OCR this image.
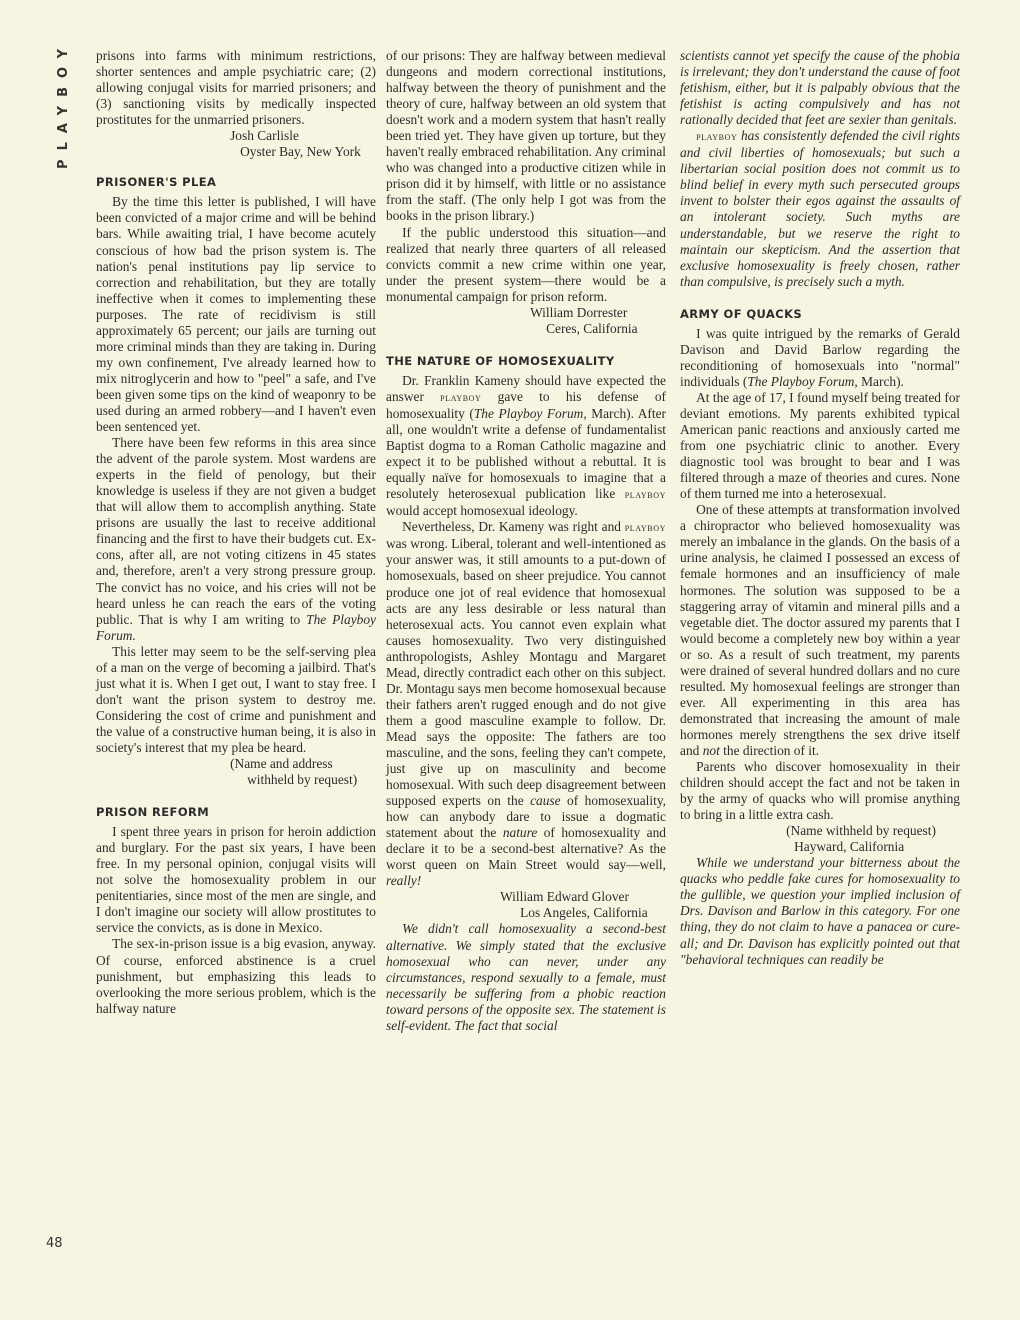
PLAYBOY
48

prisons into farms with minimum restrictions, shorter sentences and ample psychiatric care; (2) allowing conjugal visits for married prisoners; and (3) sanctioning visits by medically inspected prostitutes for the unmarried prisoners.

Josh Carlisle

Oyster Bay, New York

PRISONER'S PLEA

By the time this letter is published, I will have been convicted of a major crime and will be behind bars. While awaiting trial, I have become acutely conscious of how bad the prison system is. The nation's penal institutions pay lip service to correction and rehabilitation, but they are totally ineffective when it comes to implementing these purposes. The rate of recidivism is still approximately 65 percent; our jails are turning out more criminal minds than they are taking in. During my own confinement, I've already learned how to mix nitroglycerin and how to "peel" a safe, and I've been given some tips on the kind of weaponry to be used during an armed robbery—and I haven't even been sentenced yet.

There have been few reforms in this area since the advent of the parole system. Most wardens are experts in the field of penology, but their knowledge is useless if they are not given a budget that will allow them to accomplish anything. State prisons are usually the last to receive additional financing and the first to have their budgets cut. Ex-cons, after all, are not voting citizens in 45 states and, therefore, aren't a very strong pressure group. The convict has no voice, and his cries will not be heard unless he can reach the ears of the voting public. That is why I am writing to The Playboy Forum.

This letter may seem to be the self-serving plea of a man on the verge of becoming a jailbird. That's just what it is. When I get out, I want to stay free. I don't want the prison system to destroy me. Considering the cost of crime and punishment and the value of a constructive human being, it is also in society's interest that my plea be heard.

(Name and address

withheld by request)

PRISON REFORM

I spent three years in prison for heroin addiction and burglary. For the past six years, I have been free. In my personal opinion, conjugal visits will not solve the homosexuality problem in our penitentiaries, since most of the men are single, and I don't imagine our society will allow prostitutes to service the convicts, as is done in Mexico.

The sex-in-prison issue is a big evasion, anyway. Of course, enforced abstinence is a cruel punishment, but emphasizing this leads to overlooking the more serious problem, which is the halfway nature

of our prisons: They are halfway between medieval dungeons and modern correctional institutions, halfway between the theory of punishment and the theory of cure, halfway between an old system that doesn't work and a modern system that hasn't really been tried yet. They have given up torture, but they haven't really embraced rehabilitation. Any criminal who was changed into a productive citizen while in prison did it by himself, with little or no assistance from the staff. (The only help I got was from the books in the prison library.)

If the public understood this situation—and realized that nearly three quarters of all released convicts commit a new crime within one year, under the present system—there would be a monumental campaign for prison reform.

William Dorrester

Ceres, California

THE NATURE OF HOMOSEXUALITY

Dr. Franklin Kameny should have expected the answer playboy gave to his defense of homosexuality (The Playboy Forum, March). After all, one wouldn't write a defense of fundamentalist Baptist dogma to a Roman Catholic magazine and expect it to be published without a rebuttal. It is equally naïve for homosexuals to imagine that a resolutely heterosexual publication like playboy would accept homosexual ideology.

Nevertheless, Dr. Kameny was right and playboy was wrong. Liberal, tolerant and well-intentioned as your answer was, it still amounts to a put-down of homosexuals, based on sheer prejudice. You cannot produce one jot of real evidence that homosexual acts are any less desirable or less natural than heterosexual acts. You cannot even explain what causes homosexuality. Two very distinguished anthropologists, Ashley Montagu and Margaret Mead, directly contradict each other on this subject. Dr. Montagu says men become homosexual because their fathers aren't rugged enough and do not give them a good masculine example to follow. Dr. Mead says the opposite: The fathers are too masculine, and the sons, feeling they can't compete, just give up on masculinity and become homosexual. With such deep disagreement between supposed experts on the cause of homosexuality, how can anybody dare to issue a dogmatic statement about the nature of homosexuality and declare it to be a second-best alternative? As the worst queen on Main Street would say—well, really!

William Edward Glover

Los Angeles, California

We didn't call homosexuality a second-best alternative. We simply stated that the exclusive homosexual who can never, under any circumstances, respond sexually to a female, must necessarily be suffering from a phobic reaction toward persons of the opposite sex. The statement is self-evident. The fact that social

scientists cannot yet specify the cause of the phobia is irrelevant; they don't understand the cause of foot fetishism, either, but it is palpably obvious that the fetishist is acting compulsively and has not rationally decided that feet are sexier than genitals.

playboy has consistently defended the civil rights and civil liberties of homosexuals; but such a libertarian social position does not commit us to blind belief in every myth such persecuted groups invent to bolster their egos against the assaults of an intolerant society. Such myths are understandable, but we reserve the right to maintain our skepticism. And the assertion that exclusive homosexuality is freely chosen, rather than compulsive, is precisely such a myth.

ARMY OF QUACKS

I was quite intrigued by the remarks of Gerald Davison and David Barlow regarding the reconditioning of homosexuals into "normal" individuals (The Playboy Forum, March).

At the age of 17, I found myself being treated for deviant emotions. My parents exhibited typical American panic reactions and anxiously carted me from one psychiatric clinic to another. Every diagnostic tool was brought to bear and I was filtered through a maze of theories and cures. None of them turned me into a heterosexual.

One of these attempts at transformation involved a chiropractor who believed homosexuality was merely an imbalance in the glands. On the basis of a urine analysis, he claimed I possessed an excess of female hormones and an insufficiency of male hormones. The solution was supposed to be a staggering array of vitamin and mineral pills and a vegetable diet. The doctor assured my parents that I would become a completely new boy within a year or so. As a result of such treatment, my parents were drained of several hundred dollars and no cure resulted. My homosexual feelings are stronger than ever. All experimenting in this area has demonstrated that increasing the amount of male hormones merely strengthens the sex drive itself and not the direction of it.

Parents who discover homosexuality in their children should accept the fact and not be taken in by the army of quacks who will promise anything to bring in a little extra cash.

(Name withheld by request)

Hayward, California

While we understand your bitterness about the quacks who peddle fake cures for homosexuality to the gullible, we question your implied inclusion of Drs. Davison and Barlow in this category. For one thing, they do not claim to have a panacea or cure-all; and Dr. Davison has explicitly pointed out that "behavioral techniques can readily be
